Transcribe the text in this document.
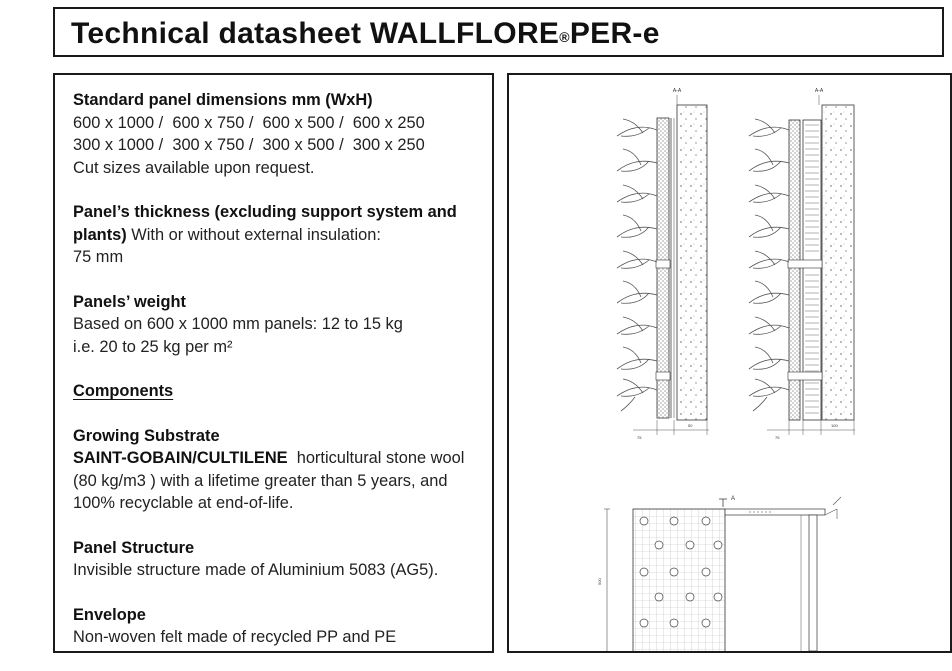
Technical datasheet WALLFLORE®PER-e

Standard panel dimensions mm (WxH)

600 x 1000 /  600 x 750 /  600 x 500 /  600 x 250

300 x 1000 /  300 x 750 /  300 x 500 /  300 x 250

Cut sizes available upon request.

Panel’s thickness (excluding support system and plants) With or without external insulation:

75 mm

Panels’ weight

Based on 600 x 1000 mm panels: 12 to 15 kg

i.e. 20 to 25 kg per m²

Components

Growing Substrate

SAINT-GOBAIN/CULTILENE  horticultural stone wool (80 kg/m3 ) with a lifetime greater than 5 years, and 100% recyclable at end-of-life.

Panel Structure

Invisible structure made of Aluminium 5083 (AG5).

Envelope

Non-woven felt made of recycled PP and PE

A-A
75
50
A-A
75
100
A
500
